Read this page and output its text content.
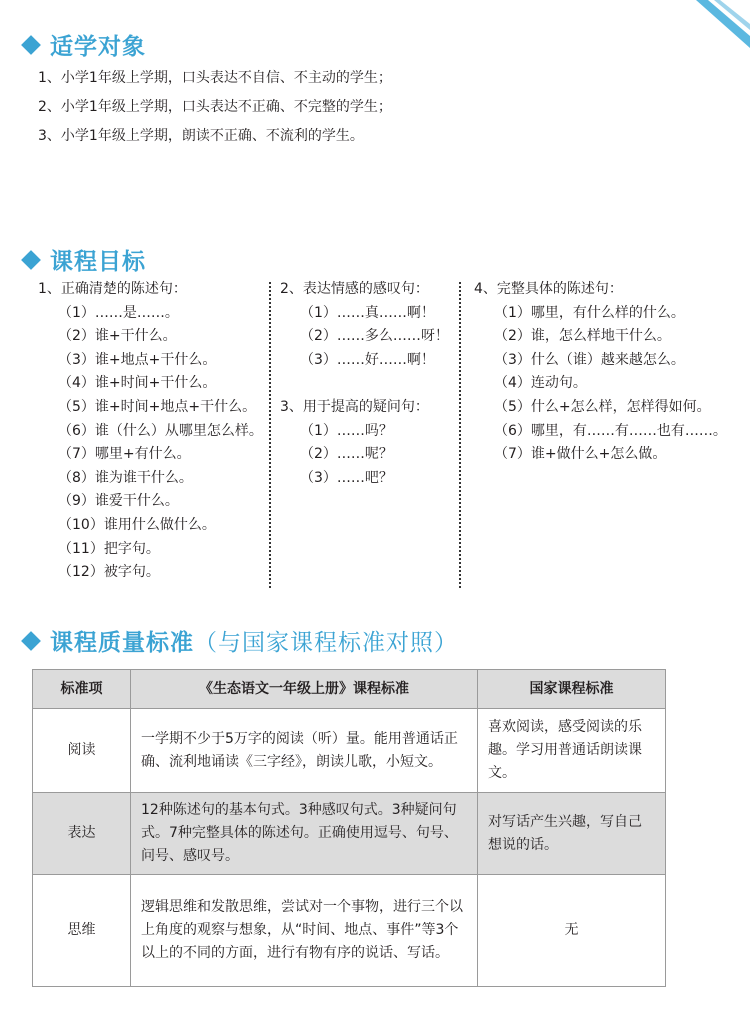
适学对象
1、小学1年级上学期，口头表达不自信、不主动的学生；
2、小学1年级上学期，口头表达不正确、不完整的学生；
3、小学1年级上学期，朗读不正确、不流利的学生。
课程目标
1、正确清楚的陈述句：
（1）……是……。
（2）谁+干什么。
（3）谁+地点+干什么。
（4）谁+时间+干什么。
（5）谁+时间+地点+干什么。
（6）谁（什么）从哪里怎么样。
（7）哪里+有什么。
（8）谁为谁干什么。
（9）谁爱干什么。
（10）谁用什么做什么。
（11）把字句。
（12）被字句。
2、表达情感的感叹句：
（1）……真……啊！
（2）……多么……呀！
（3）……好……啊！
3、用于提高的疑问句：
（1）……吗？
（2）……呢？
（3）……吧？
4、完整具体的陈述句：
（1）哪里，有什么样的什么。
（2）谁，怎么样地干什么。
（3）什么（谁）越来越怎么。
（4）连动句。
（5）什么+怎么样，怎样得如何。
（6）哪里，有……有……也有……。
（7）谁+做什么+怎么做。
课程质量标准 （与国家课程标准对照）
标准项	《生态语文一年级上册》课程标准	国家课程标准
阅读	一学期不少于5万字的阅读（听）量。能用普通话正确、流利地诵读《三字经》，朗读儿歌，小短文。	喜欢阅读，感受阅读的乐趣。学习用普通话朗读课文。
表达	12种陈述句的基本句式。3种感叹句式。3种疑问句式。7种完整具体的陈述句。正确使用逗号、句号、问号、感叹号。	对写话产生兴趣，写自己想说的话。
思维	逻辑思维和发散思维，尝试对一个事物，进行三个以上角度的观察与想象，从“时间、地点、事件”等3个以上的不同的方面，进行有物有序的说话、写话。	无
